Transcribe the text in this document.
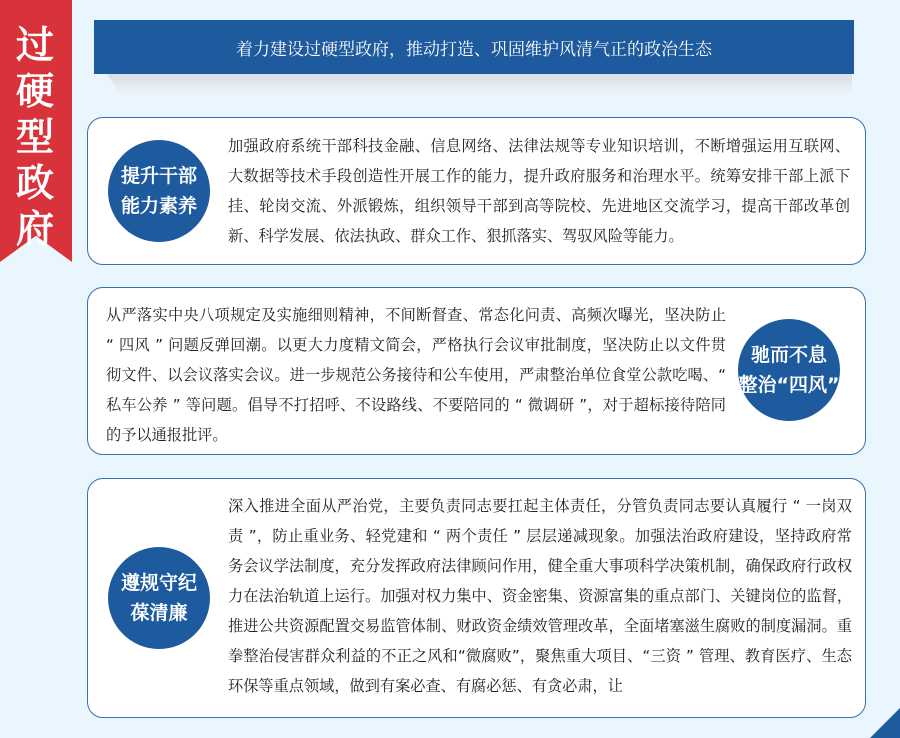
过
硬
型
政
府
着力建设过硬型政府，推动打造、巩固维护风清气正的政治生态
提升干部
能力素养

加强政府系统干部科技金融、信息网络、法律法规等专业知识培训，不断增强运用互联网、大数据等技术手段创造性开展工作的能力，提升政府服务和治理水平。统筹安排干部上派下挂、轮岗交流、外派锻炼，组织领导干部到高等院校、先进地区交流学习，提高干部改革创新、科学发展、依法执政、群众工作、狠抓落实、驾驭风险等能力。

从严落实中央八项规定及实施细则精神，不间断督查、常态化问责、高频次曝光，坚决防止 “ 四风 ” 问题反弹回潮。以更大力度精文简会，严格执行会议审批制度，坚决防止以文件贯彻文件、以会议落实会议。进一步规范公务接待和公车使用，严肃整治单位食堂公款吃喝、“ 私车公养 ” 等问题。倡导不打招呼、不设路线、不要陪同的 “ 微调研 ”，对于超标接待陪同的予以通报批评。

驰而不息
整治“四风”
遵规守纪
葆清廉

深入推进全面从严治党，主要负责同志要扛起主体责任，分管负责同志要认真履行 “ 一岗双责 ”，防止重业务、轻党建和 “ 两个责任 ” 层层递减现象。加强法治政府建设，坚持政府常务会议学法制度，充分发挥政府法律顾问作用，健全重大事项科学决策机制，确保政府行政权力在法治轨道上运行。加强对权力集中、资金密集、资源富集的重点部门、关键岗位的监督，推进公共资源配置交易监管体制、财政资金绩效管理改革，全面堵塞滋生腐败的制度漏洞。重拳整治侵害群众利益的不正之风和“微腐败”，聚焦重大项目、“三资 ” 管理、教育医疗、生态环保等重点领域，做到有案必查、有腐必惩、有贪必肃，让
